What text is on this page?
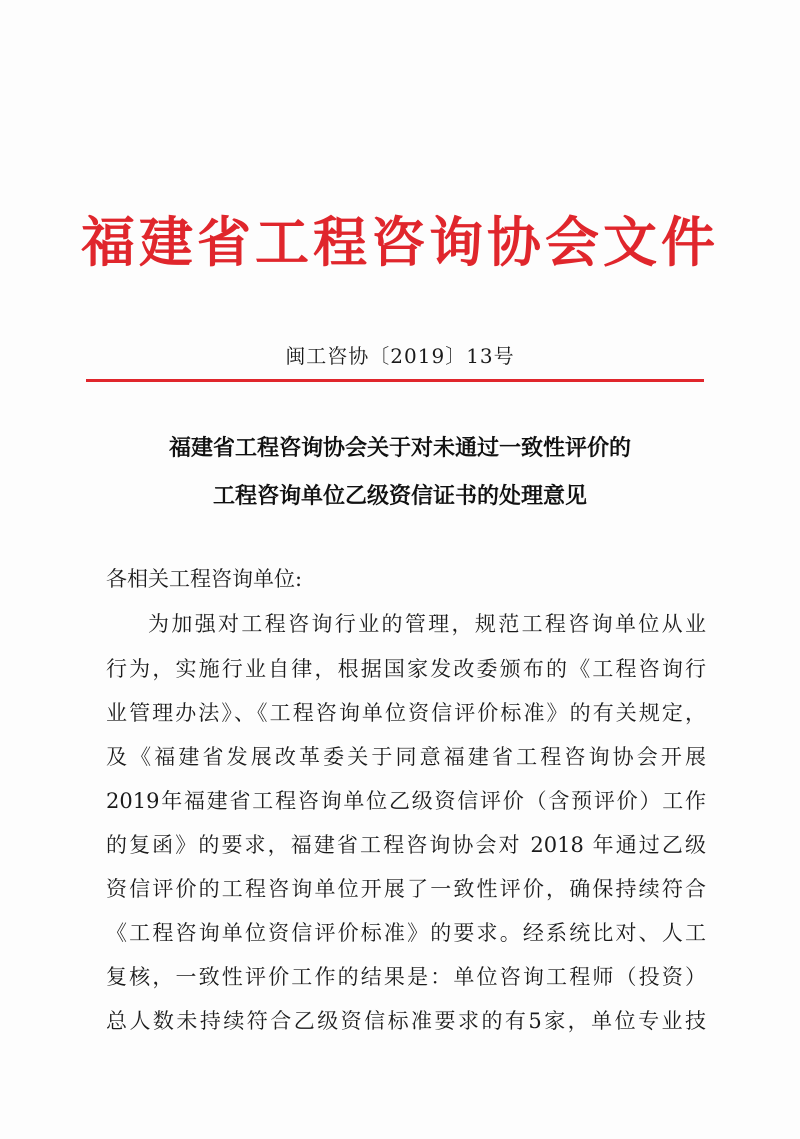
福建省工程咨询协会文件
闽工咨协〔2019〕13号
福建省工程咨询协会关于对未通过一致性评价的
工程咨询单位乙级资信证书的处理意见
各相关工程咨询单位:
为加强对工程咨询行业的管理，规范工程咨询单位从业
行为，实施行业自律，根据国家发改委颁布的《工程咨询行
业管理办法》、《工程咨询单位资信评价标准》的有关规定，
及《福建省发展改革委关于同意福建省工程咨询协会开展
2019年福建省工程咨询单位乙级资信评价（含预评价）工作
的复函》的要求，福建省工程咨询协会对 2018 年通过乙级
资信评价的工程咨询单位开展了一致性评价，确保持续符合
《工程咨询单位资信评价标准》的要求。经系统比对、人工
复核，一致性评价工作的结果是：单位咨询工程师（投资）
总人数未持续符合乙级资信标准要求的有5家，单位专业技
